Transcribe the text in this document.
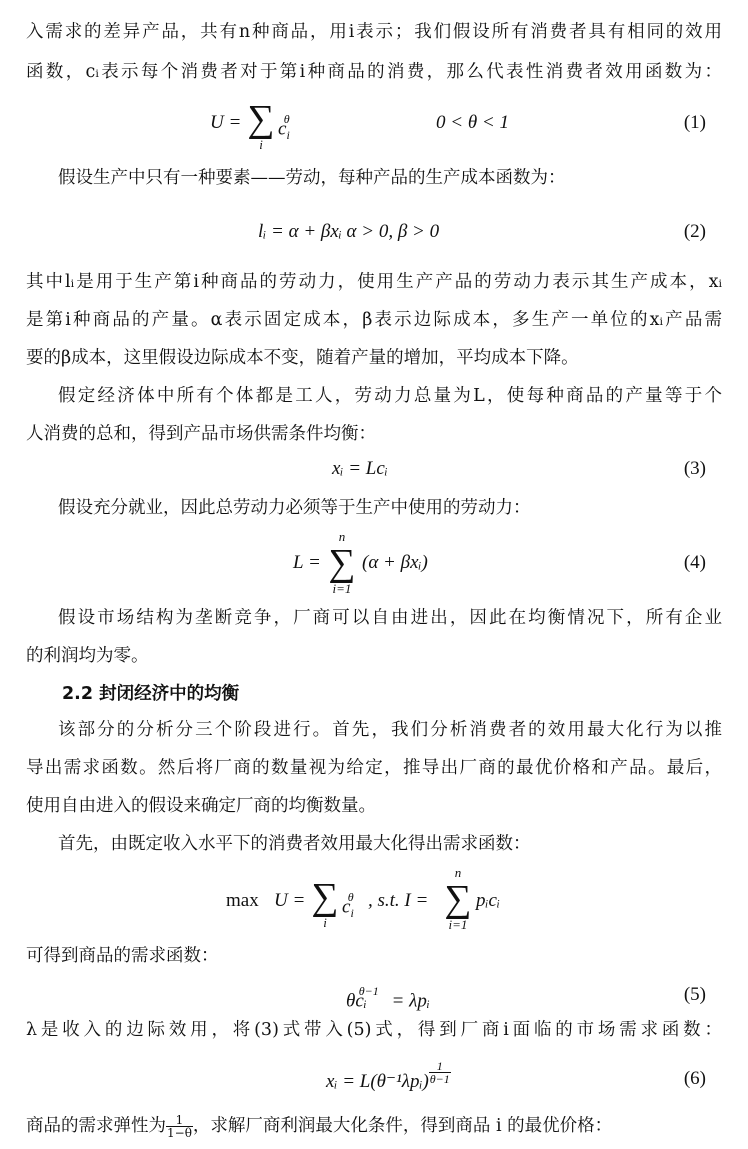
入需求的差异产品，共有n种商品，用i表示；我们假设所有消费者具有相同的效用
函数，cᵢ表示每个消费者对于第i种商品的消费，那么代表性消费者效用函数为：
U = ∑
i
$c_i^\theta$	0 < θ < 1	(1)
假设生产中只有一种要素——劳动，每种产品的生产成本函数为：
lᵢ = α + βxᵢ α > 0, β > 0	(2)
其中lᵢ是用于生产第i种商品的劳动力，使用生产产品的劳动力表示其生产成本，xᵢ
是第i种商品的产量。α表示固定成本，β表示边际成本，多生产一单位的xᵢ产品需
要的β成本，这里假设边际成本不变，随着产量的增加，平均成本下降。
假定经济体中所有个体都是工人，劳动力总量为L，使每种商品的产量等于个
人消费的总和，得到产品市场供需条件均衡：
xᵢ = Lcᵢ	(3)
假设充分就业，因此总劳动力必须等于生产中使用的劳动力：
L =
n
∑
i=1
(α + βxᵢ)	(4)
假设市场结构为垄断竞争，厂商可以自由进出，因此在均衡情况下，所有企业
的利润均为零。
2.2 封闭经济中的均衡
该部分的分析分三个阶段进行。首先，我们分析消费者的效用最大化行为以推
导出需求函数。然后将厂商的数量视为给定，推导出厂商的最优价格和产品。最后，
使用自由进入的假设来确定厂商的均衡数量。
首先，由既定收入水平下的消费者效用最大化得出需求函数：
max U = ∑
i
$c_i^\theta$ , s.t. I =
n
∑
i=1
pᵢcᵢ
可得到商品的需求函数：
θcᵢ$^{\theta-1}$ = λpᵢ	(5)
λ是收入的边际效用，将(3)式带入(5)式，得到厂商i面临的市场需求函数：
xᵢ = L(θ⁻¹λpᵢ) $\frac{1}{\theta-1}$	(6)
商品的需求弹性为 $\frac{1}{1-\theta}$ ，求解厂商利润最大化条件，得到商品 i 的最优价格：
